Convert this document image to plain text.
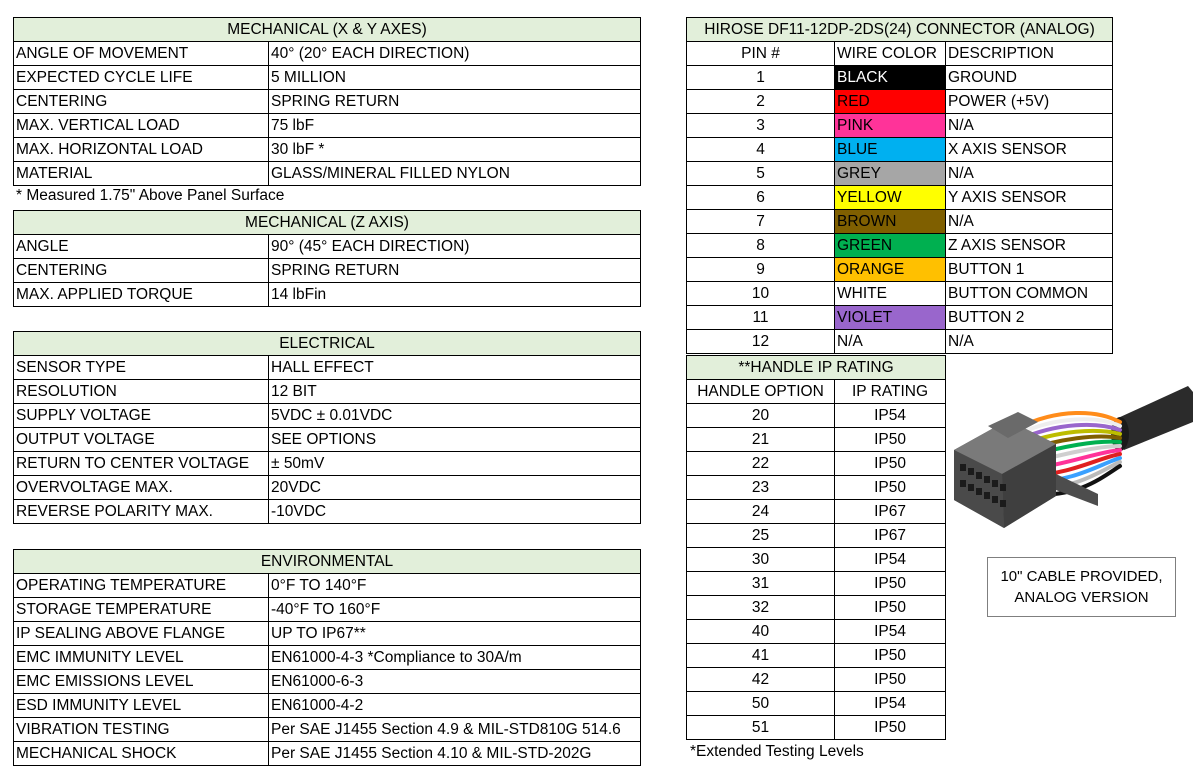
MECHANICAL (X & Y AXES)	
ANGLE OF MOVEMENT	40° (20° EACH DIRECTION)
EXPECTED CYCLE LIFE	5 MILLION
CENTERING	SPRING RETURN
MAX. VERTICAL LOAD	75 lbF
MAX. HORIZONTAL LOAD	30 lbF *
MATERIAL	GLASS/MINERAL FILLED NYLON
* Measured 1.75" Above Panel Surface
MECHANICAL (Z AXIS)	
ANGLE	90° (45° EACH DIRECTION)
CENTERING	SPRING RETURN
MAX. APPLIED TORQUE	14 lbFin
ELECTRICAL	
SENSOR TYPE	HALL EFFECT
RESOLUTION	12 BIT
SUPPLY VOLTAGE	5VDC ± 0.01VDC
OUTPUT VOLTAGE	SEE OPTIONS
RETURN TO CENTER VOLTAGE	± 50mV
OVERVOLTAGE MAX.	20VDC
REVERSE POLARITY MAX.	-10VDC
ENVIRONMENTAL	
OPERATING TEMPERATURE	0°F TO 140°F
STORAGE TEMPERATURE	-40°F TO 160°F
IP SEALING ABOVE FLANGE	UP TO IP67**
EMC IMMUNITY LEVEL	EN61000-4-3 *Compliance to 30A/m
EMC EMISSIONS LEVEL	EN61000-6-3
ESD IMMUNITY LEVEL	EN61000-4-2
VIBRATION TESTING	Per SAE J1455 Section 4.9 & MIL-STD810G 514.6
MECHANICAL SHOCK	Per SAE J1455 Section 4.10 & MIL-STD-202G
HIROSE DF11-12DP-2DS(24) CONNECTOR (ANALOG)		
PIN #	WIRE COLOR	DESCRIPTION
1	BLACK	GROUND
2	RED	POWER (+5V)
3	PINK	N/A
4	BLUE	X AXIS SENSOR
5	GREY	N/A
6	YELLOW	Y AXIS SENSOR
7	BROWN	N/A
8	GREEN	Z AXIS SENSOR
9	ORANGE	BUTTON 1
10	WHITE	BUTTON COMMON
11	VIOLET	BUTTON 2
12	N/A	N/A
**HANDLE IP RATING	
HANDLE OPTION	IP RATING
20	IP54
21	IP50
22	IP50
23	IP50
24	IP67
25	IP67
30	IP54
31	IP50
32	IP50
40	IP54
41	IP50
42	IP50
50	IP54
51	IP50
*Extended Testing Levels
10" CABLE PROVIDED,
ANALOG VERSION
